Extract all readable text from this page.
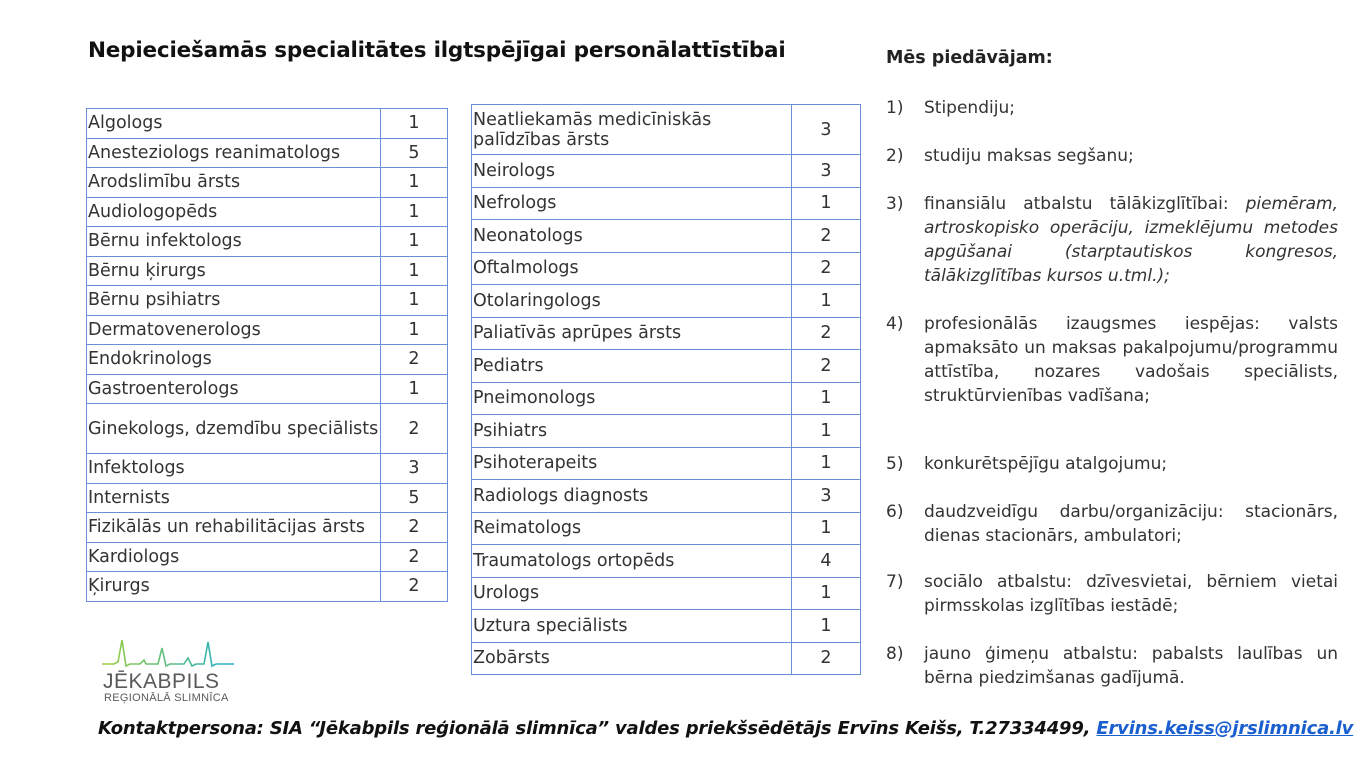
Nepieciešamās specialitātes ilgtspējīgai personālattīstībai
Algologs	1
Anesteziologs reanimatologs	5
Arodslimību ārsts	1
Audiologopēds	1
Bērnu infektologs	1
Bērnu ķirurgs	1
Bērnu psihiatrs	1
Dermatovenerologs	1
Endokrinologs	2
Gastroenterologs	1
Ginekologs, dzemdību speciālists	2
Infektologs	3
Internists	5
Fizikālās un rehabilitācijas ārsts	2
Kardiologs	2
Ķirurgs	2
Neatliekamās medicīniskās palīdzības ārsts	3
Neirologs	3
Nefrologs	1
Neonatologs	2
Oftalmologs	2
Otolaringologs	1
Paliatīvās aprūpes ārsts	2
Pediatrs	2
Pneimonologs	1
Psihiatrs	1
Psihoterapeits	1
Radiologs diagnosts	3
Reimatologs	1
Traumatologs ortopēds	4
Urologs	1
Uztura speciālists	1
Zobārsts	2
Mēs piedāvājam:
1) Stipendiju;
2) studiju maksas segšanu;
3) finansiālu atbalstu tālākizglītībai: piemēram, artroskopisko operāciju, izmeklējumu metodes apgūšanai (starptautiskos kongresos, tālākizglītības kursos u.tml.);
4) profesionālās izaugsmes iespējas: valsts apmaksāto un maksas pakalpojumu/programmu attīstība, nozares vadošais speciālists, struktūrvienības vadīšana;
5) konkurētspējīgu atalgojumu;
6) daudzveidīgu darbu/organizāciju: stacionārs, dienas stacionārs, ambulatori;
7) sociālo atbalstu: dzīvesvietai, bērniem vietai pirmsskolas izglītības iestādē;
8) jauno ģimeņu atbalstu: pabalsts laulības un bērna piedzimšanas gadījumā.
JĒKABPILS
REĢIONĀLĀ SLIMNĪCA
Kontaktpersona: SIA “Jēkabpils reģionālā slimnīca” valdes priekšsēdētājs Ervīns Keišs, T.27334499, Ervins.keiss@jrslimnica.lv
